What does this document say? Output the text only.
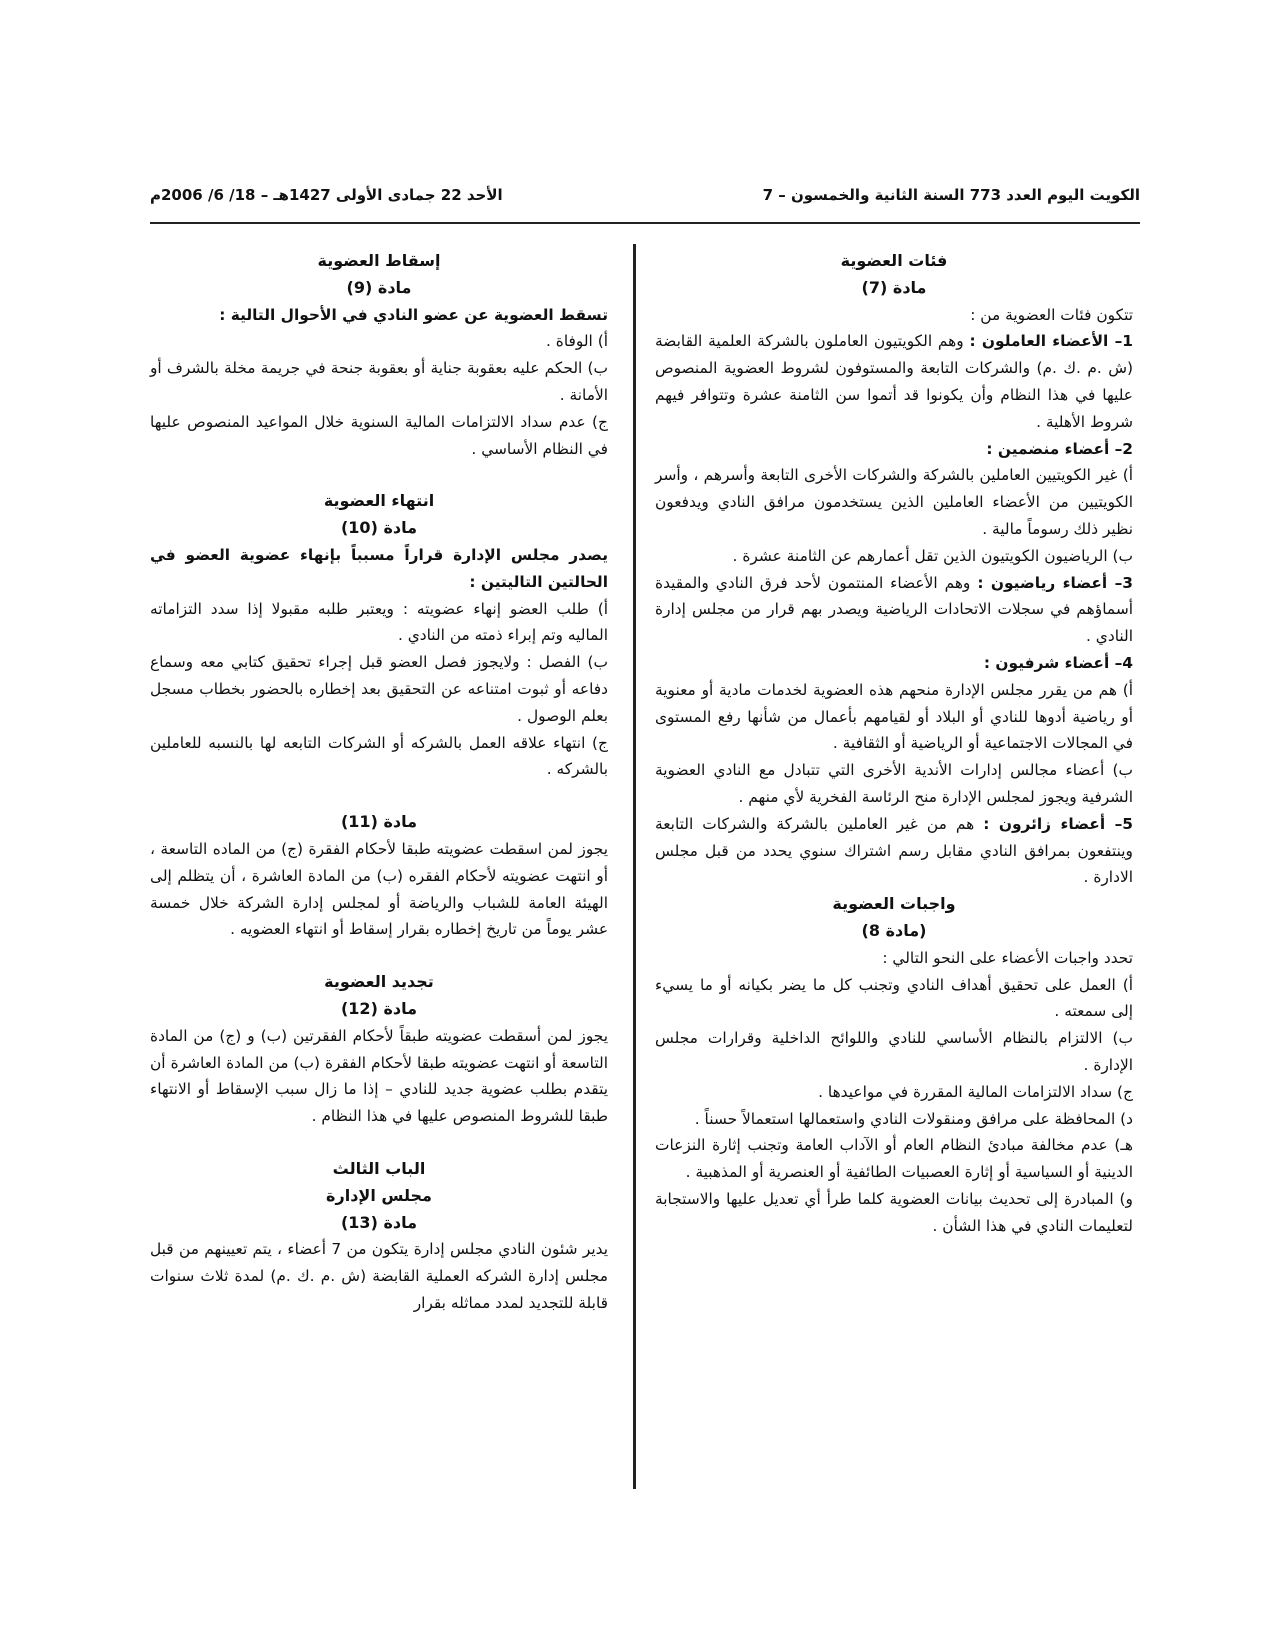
الكويت اليوم العدد 773 السنة الثانية والخمسون – 7
الأحد 22 جمادى الأولى 1427هـ – 18/ 6/ 2006م

فئات العضوية

مادة (7)

تتكون فئات العضوية من :

1– الأعضاء العاملون : وهم الكويتيون العاملون بالشركة العلمية القابضة (ش .م .ك .م) والشركات التابعة والمستوفون لشروط العضوية المنصوص عليها في هذا النظام وأن يكونوا قد أتموا سن الثامنة عشرة وتتوافر فيهم شروط الأهلية .

2– أعضاء منضمين :

أ) غير الكويتيين العاملين بالشركة والشركات الأخرى التابعة وأسرهم ، وأسر الكويتيين من الأعضاء العاملين الذين يستخدمون مرافق النادي ويدفعون نظير ذلك رسوماً مالية .

ب) الرياضيون الكويتيون الذين تقل أعمارهم عن الثامنة عشرة .

3– أعضاء رياضيون : وهم الأعضاء المنتمون لأحد فرق النادي والمقيدة أسماؤهم في سجلات الاتحادات الرياضية ويصدر بهم قرار من مجلس إدارة النادي .

4– أعضاء شرفيون :

أ) هم من يقرر مجلس الإدارة منحهم هذه العضوية لخدمات مادية أو معنوية أو رياضية أدوها للنادي أو البلاد أو لقيامهم بأعمال من شأنها رفع المستوى في المجالات الاجتماعية أو الرياضية أو الثقافية .

ب) أعضاء مجالس إدارات الأندية الأخرى التي تتبادل مع النادي العضوية الشرفية ويجوز لمجلس الإدارة منح الرئاسة الفخرية لأي منهم .

5– أعضاء زائرون : هم من غير العاملين بالشركة والشركات التابعة وينتفعون بمرافق النادي مقابل رسم اشتراك سنوي يحدد من قبل مجلس الادارة .

واجبات العضوية

(مادة 8)

تحدد واجبات الأعضاء على النحو التالي :

أ) العمل على تحقيق أهداف النادي وتجنب كل ما يضر بكيانه أو ما يسيء إلى سمعته .

ب) الالتزام بالنظام الأساسي للنادي واللوائح الداخلية وقرارات مجلس الإدارة .

ج) سداد الالتزامات المالية المقررة في مواعيدها .

د) المحافظة على مرافق ومنقولات النادي واستعمالها استعمالاً حسناً .

هـ) عدم مخالفة مبادئ النظام العام أو الآداب العامة وتجنب إثارة النزعات الدينية أو السياسية أو إثارة العصبيات الطائفية أو العنصرية أو المذهبية .

و) المبادرة إلى تحديث بيانات العضوية كلما طرأ أي تعديل عليها والاستجابة لتعليمات النادي في هذا الشأن .

إسقاط العضوية

مادة (9)

تسقط العضوية عن عضو النادي في الأحوال التالية :

أ) الوفاة .

ب) الحكم عليه بعقوبة جناية أو بعقوبة جنحة في جريمة مخلة بالشرف أو الأمانة .

ج) عدم سداد الالتزامات المالية السنوية خلال المواعيد المنصوص عليها في النظام الأساسي .

انتهاء العضوية

مادة (10)

يصدر مجلس الإدارة قراراً مسبباً بإنهاء عضوية العضو في الحالتين التاليتين :

أ) طلب العضو إنهاء عضويته : ويعتبر طلبه مقبولا إذا سدد التزاماته الماليه وتم إبراء ذمته من النادي .

ب) الفصل : ولايجوز فصل العضو قبل إجراء تحقيق كتابي معه وسماع دفاعه أو ثبوت امتناعه عن التحقيق بعد إخطاره بالحضور بخطاب مسجل بعلم الوصول .

ج) انتهاء علاقه العمل بالشركه أو الشركات التابعه لها بالنسبه للعاملين بالشركه .

مادة (11)

يجوز لمن اسقطت عضويته طبقا لأحكام الفقرة (ج) من الماده التاسعة ، أو انتهت عضويته لأحكام الفقره (ب) من المادة العاشرة ، أن يتظلم إلى الهيئة العامة للشباب والرياضة أو لمجلس إدارة الشركة خلال خمسة عشر يوماً من تاريخ إخطاره بقرار إسقاط أو انتهاء العضويه .

تجديد العضوية

مادة (12)

يجوز لمن أسقطت عضويته طبقاً لأحكام الفقرتين (ب) و (ج) من المادة التاسعة أو انتهت عضويته طبقا لأحكام الفقرة (ب) من المادة العاشرة أن يتقدم بطلب عضوية جديد للنادي – إذا ما زال سبب الإسقاط أو الانتهاء طبقا للشروط المنصوص عليها في هذا النظام .

الباب الثالث

مجلس الإدارة

مادة (13)

يدير شئون النادي مجلس إدارة يتكون من 7 أعضاء ، يتم تعيينهم من قبل مجلس إدارة الشركه العملية القابضة (ش .م .ك .م) لمدة ثلاث سنوات قابلة للتجديد لمدد مماثله بقرار
